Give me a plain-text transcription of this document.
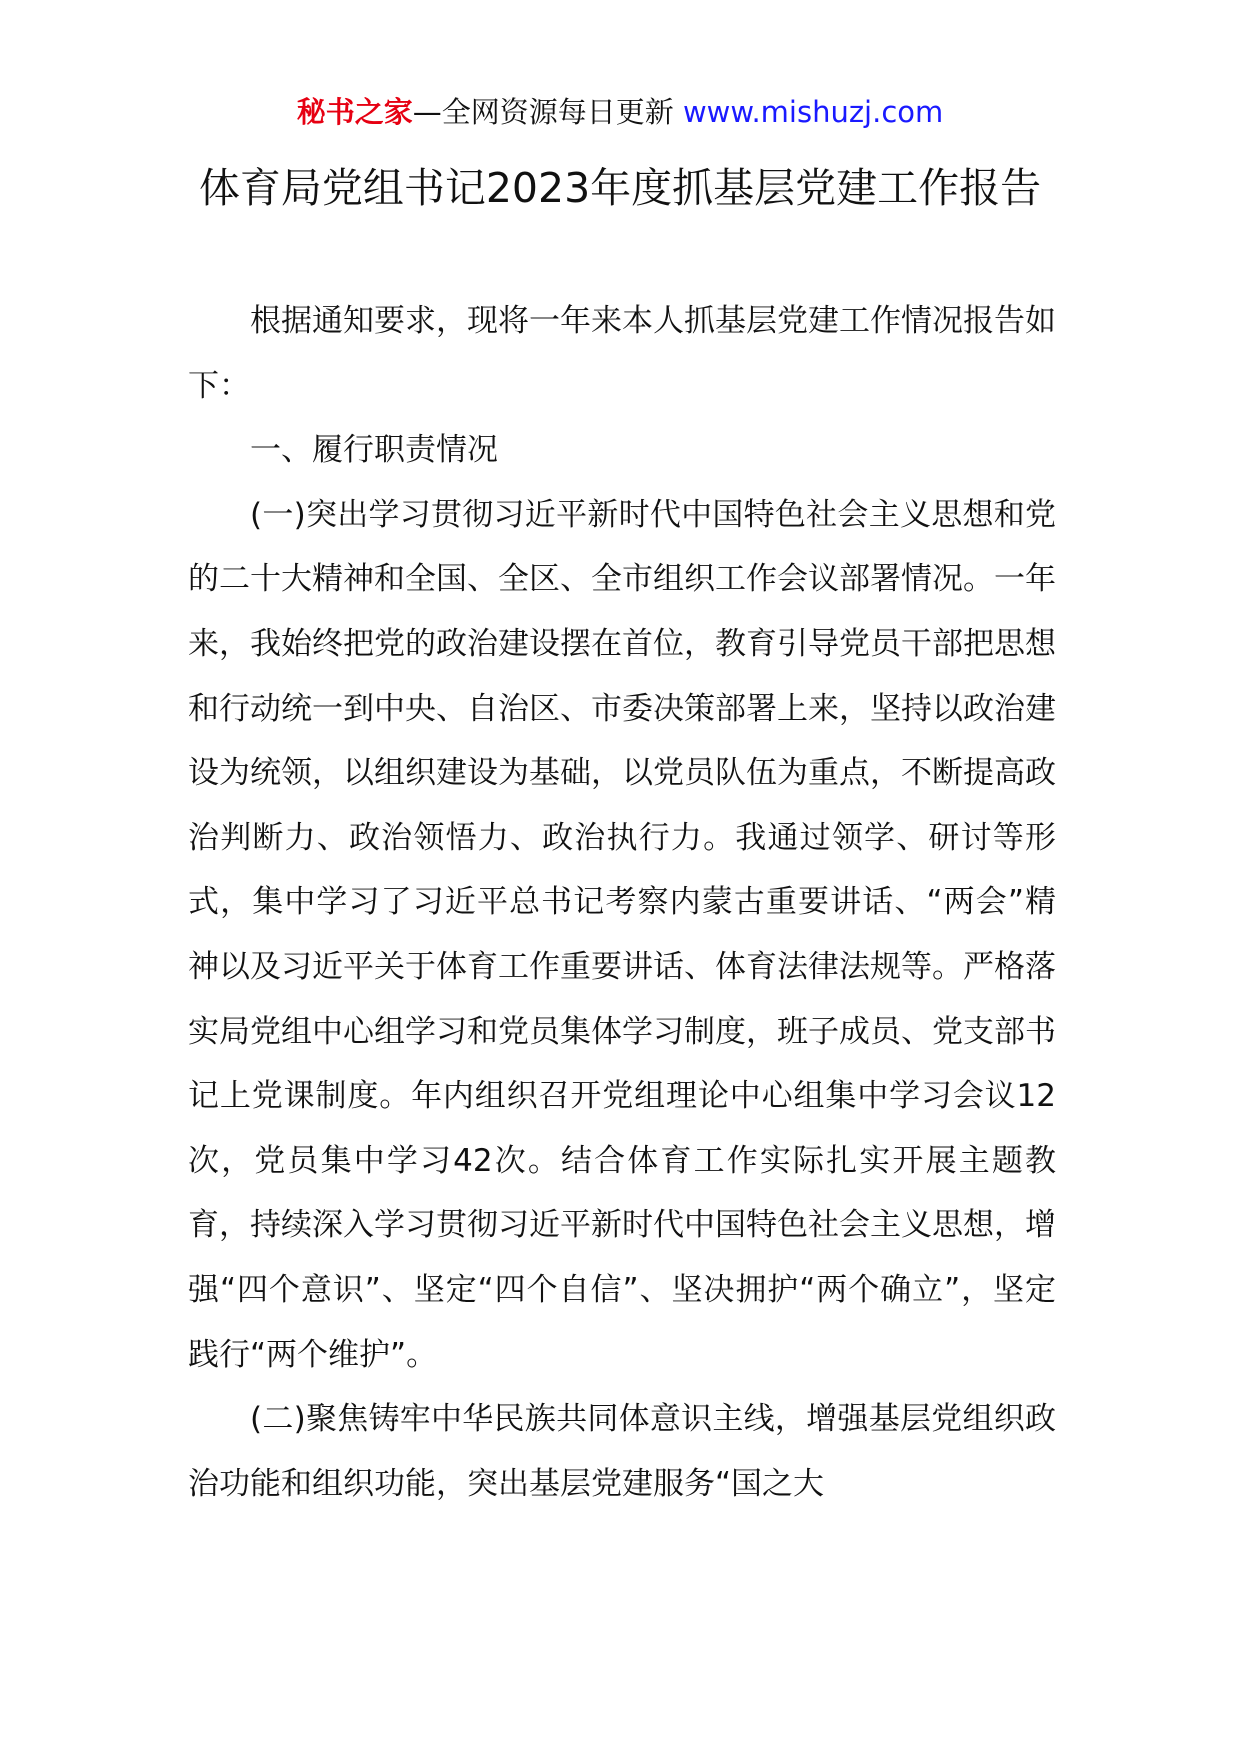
秘书之家—全网资源每日更新 www.mishuzj.com
体育局党组书记2023年度抓基层党建工作报告

根据通知要求，现将一年来本人抓基层党建工作情况报告如下：

一、履行职责情况

(一)突出学习贯彻习近平新时代中国特色社会主义思想和党的二十大精神和全国、全区、全市组织工作会议部署情况。一年来，我始终把党的政治建设摆在首位，教育引导党员干部把思想和行动统一到中央、自治区、市委决策部署上来，坚持以政治建设为统领，以组织建设为基础，以党员队伍为重点，不断提高政治判断力、政治领悟力、政治执行力。我通过领学、研讨等形式，集中学习了习近平总书记考察内蒙古重要讲话、“两会”精神以及习近平关于体育工作重要讲话、体育法律法规等。严格落实局党组中心组学习和党员集体学习制度，班子成员、党支部书记上党课制度。年内组织召开党组理论中心组集中学习会议12次，党员集中学习42次。结合体育工作实际扎实开展主题教育，持续深入学习贯彻习近平新时代中国特色社会主义思想，增强“四个意识”、坚定“四个自信”、坚决拥护“两个确立”，坚定践行“两个维护”。

(二)聚焦铸牢中华民族共同体意识主线，增强基层党组织政治功能和组织功能，突出基层党建服务“国之大
